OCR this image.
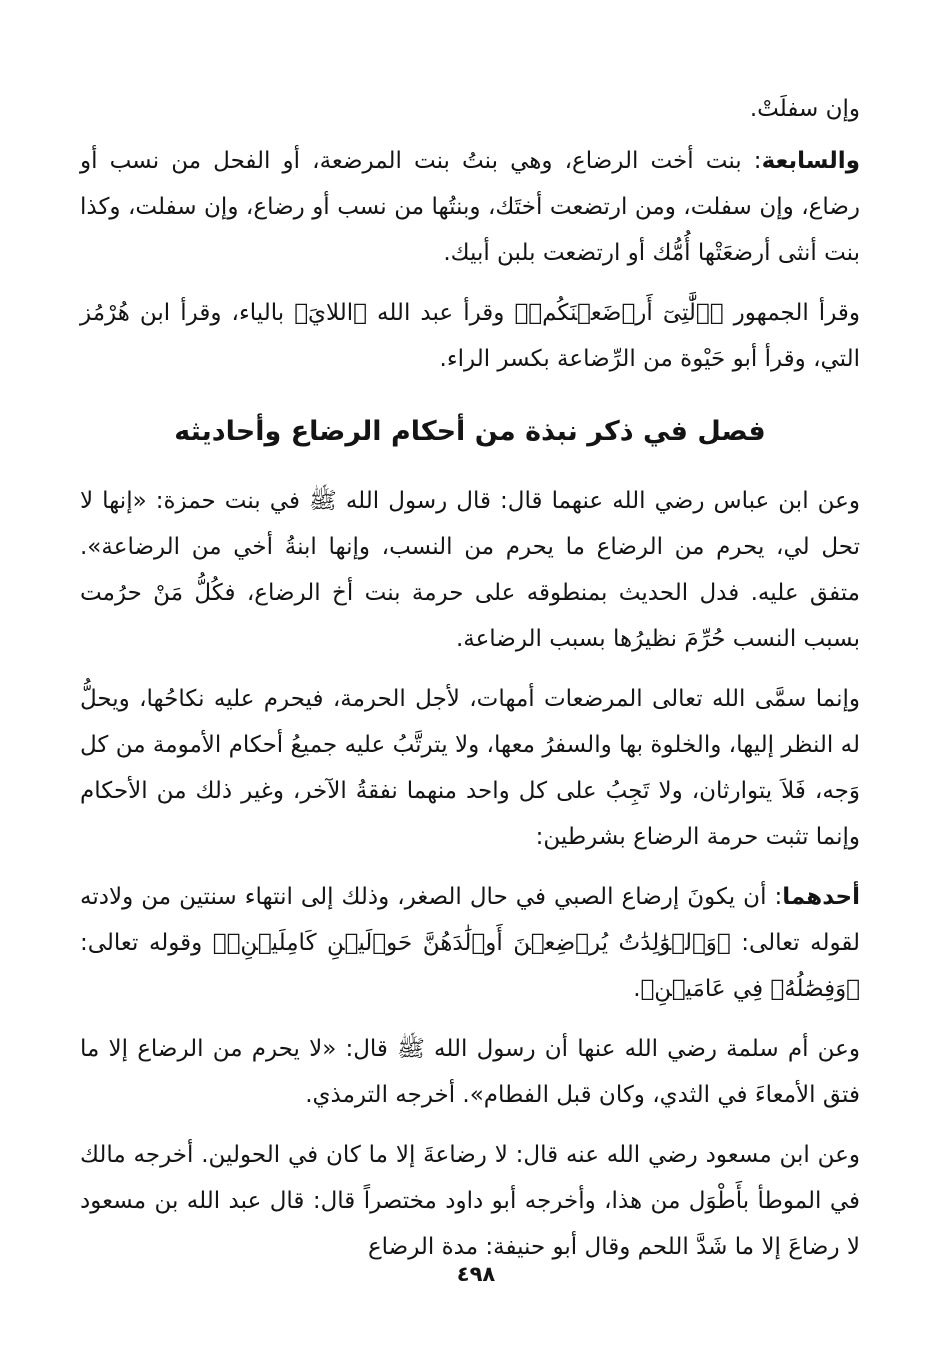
وإن سفلَتْ.

والسابعة: بنت أخت الرضاع، وهي بنتُ بنت المرضعة، أو الفحل من نسب أو رضاع، وإن سفلت، ومن ارتضعت أختَك، وبنتُها من نسب أو رضاع، وإن سفلت، وكذا بنت أنثى أرضعَتْها أُمُّك أو ارتضعت بلبن أبيك.

وقرأ الجمهور ﴿ٱلَّٰتِىٓ أَرۡضَعۡنَكُمۡ﴾ وقرأ عبد الله ﴿اللايَ﴾ بالياء، وقرأ ابن هُرْمُز التي، وقرأ أبو حَيْوة من الرِّضاعة بكسر الراء.

فصل في ذكر نبذة من أحكام الرضاع وأحاديثه

وعن ابن عباس رضي الله عنهما قال: قال رسول الله ﷺ في بنت حمزة: «إنها لا تحل لي، يحرم من الرضاع ما يحرم من النسب، وإنها ابنةُ أخي من الرضاعة». متفق عليه. فدل الحديث بمنطوقه على حرمة بنت أخ الرضاع، فكُلُّ مَنْ حرُمت بسبب النسب حُرِّمَ نظيرُها بسبب الرضاعة.

وإنما سمَّى الله تعالى المرضعات أمهات، لأجل الحرمة، فيحرم عليه نكاحُها، ويحلُّ له النظر إليها، والخلوة بها والسفرُ معها، ولا يترتَّبُ عليه جميعُ أحكام الأمومة من كل وَجه، فَلاَ يتوارثان، ولا تَجِبُ على كل واحد منهما نفقةُ الآخر، وغير ذلك من الأحكام وإنما تثبت حرمة الرضاع بشرطين:

أحدهما: أن يكونَ إرضاع الصبي في حال الصغر، وذلك إلى انتهاء سنتين من ولادته لقوله تعالى: ﴿وَٱلۡوَٰلِدَٰتُ يُرۡضِعۡنَ أَوۡلَٰدَهُنَّ حَوۡلَيۡنِ كَامِلَيۡنِۖ﴾ وقوله تعالى: ﴿وَفِصَٰلُهُۥ فِي عَامَيۡنِ﴾.

وعن أم سلمة رضي الله عنها أن رسول الله ﷺ قال: «لا يحرم من الرضاع إلا ما فتق الأمعاءَ في الثدي، وكان قبل الفطام». أخرجه الترمذي.

وعن ابن مسعود رضي الله عنه قال: لا رضاعةَ إلا ما كان في الحولين. أخرجه مالك في الموطأ بأَطْوَل من هذا، وأخرجه أبو داود مختصراً قال: قال عبد الله بن مسعود لا رضاعَ إلا ما شَدَّ اللحم وقال أبو حنيفة: مدة الرضاع

٤٩٨
